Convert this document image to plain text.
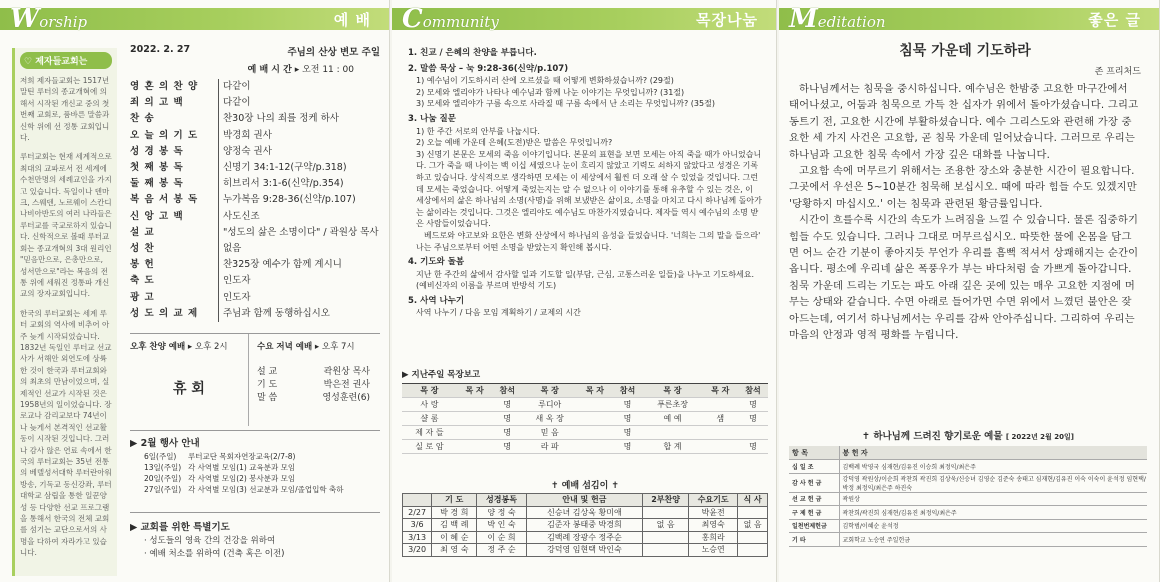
Worship	예 배
♡ 제자들교회는
저희 제자들교회는 1517년 말틴 루터의 종교개혁에 의해서 시작된 개신교 중의 첫 번째 교회로, 품바른 말씀과 신학 위에 선 정통 교회입니다.
루터교회는 현재 세계적으로 최대의 교파로서 전 세계에 수천만명의 세례교인을 가지고 있습니다. 독일이나 덴마크, 스웨덴, 노르웨이 스칸디나비아반도의 여러 나라들은 루터교를 국교로하지 있습니다. 신학적으로 볼때 루터교회는 종교개혁의 3대 원리인 "믿음만으로, 은총만으로, 성서만으로"라는 복음의 전통 위에 세워진 정통파 개신교의 장자교회입니다.
한국의 루터교회는 세계 루터 교회의 역사에 비추어 아주 늦게 시작되었습니다. 1832년 독일인 루터교 선교사가 서해안 외연도에 상륙한 것이 한국과 루터교회와의 최초의 만남이었으며, 실제적인 선교가 시작된 것은 1958년의 일이었습니다. 장로교나 감리교보다 74년이나 늦게서 본격적인 선교활동이 시작된 것입니다. 그러나 감사 않은 연료 속에서 한국의 루터교회는 35년 전통의 베델성서대학 루터란아워 방송, 기독교 동신강좌, 루터대학교 삼립을 통한 일꾼양성 등 다양한 선교 프로그램을 통해서 한국의 전체 교회를 섬기는 교단으로서의 사명을 다하여 자라가고 있습니다.
2022. 2. 27	주님의 산상 변모 주일
예 배 시 간 ▸ 오전 11 : 00
영 혼 의 찬 양	다같이
죄 의 고 백	다같이
찬 송	찬30장 나의 죄를 정케 하사
오 늘 의 기 도	박경희 권사
성 경 봉 독	양정숙 권사
첫 째 봉 독	신명기 34:1-12(구약/p.318)
둘 째 봉 독	히브리서 3:1-6(신약/p.354)
복 음 서 봉 독	누가복음 9:28-36(신약/p.107)
신 앙 고 백	사도신조
설 교	"성도의 삶은 소명이다" / 곽원상 목사
성 찬	없음
봉 헌	찬325장 예수가 함께 계시니
축 도	인도자
광 고	인도자
성 도 의 교 제	주님과 함께 동행하십시오
오후 찬양 예배 ▸ 오후 2시
휴 회
수요 저녁 예배 ▸ 오후 7시
설 교	곽원상 목사
기 도	박은전 권사
말 씀	영성훈련(6)
▶ 2월 행사 안내
6일(주일) 루터교단 목회자연장교육(2/7-8)
13일(주일) 각 사역별 모임(1) 교육분과 모임
20일(주일) 각 사역별 모임(2) 봉사분과 모임
27일(주일) 각 사역별 모임(3) 선교분과 모임/졸업입학 축하
▶ 교회를 위한 특별기도
· 성도들의 영육 간의 건강을 위하여
· 예배 처소를 위하여 (건축 혹은 이전)
Community	목장나눔
1. 친교 / 은혜의 찬양을 부릅니다.
2. 말씀 묵상 – 눅 9:28-36(신약/p.107)
1) 예수님이 기도하시러 산에 오르셨을 때 어떻게 변화하셨습니까? (29절)
2) 모세와 엘리야가 나타나 예수님과 함께 나눈 이야기는 무엇입니까? (31절)
3) 모세와 엘리야가 구름 속으로 사라질 때 구름 속에서 난 소리는 무엇입니까? (35절)
3. 나눔 질문
1) 한 주간 서로의 안부를 나눕시다.
2) 오늘 예배 가운데 은혜(도전)받은 말씀은 무엇입니까?
3) 신명기 본문은 모세의 죽음 이야기입니다. 본문의 표현을 보면 모세는 아직 죽을 때가 아니었습니다. 그가 죽을 때 나이는 백 이십 세였으나 눈이 흐리지 않았고 기력도 쇠하지 않았다고 성경은 기록하고 있습니다. 상식적으로 생각하면 모세는 이 세상에서 훨씬 더 오래 살 수 있었을 것입니다. 그런데 모세는 죽었습니다. 어떻게 죽었는지는 알 수 없으나 이 이야기를 통해 유추할 수 있는 것은, 이 세상에서의 삶은 하나님의 소명(사명)을 위해 보냈받은 삶이요, 소명을 마치고 다시 하나님께 돌아가는 삶이라는 것입니다. 그것은 엘리야도 예수님도 마찬가지였습니다. 제자들 역시 예수님의 소명 받은 사람들이었습니다.
베드로와 야고보와 요한은 변화 산상에서 하나님의 음성을 들었습니다. '너희는 그의 말을 들으라' 나는 주님으로부터 어떤 소명을 받았는지 확인해 봅시다.
4. 기도와 돌봄
지난 한 주간의 삶에서 감사할 일과 기도할 일(부담, 근심, 고통스러운 일들)을 나누고 기도하세요. (예비신자의 이름을 부르며 반방석 기도)
5. 사역 나누기
사역 나누기 / 다음 모임 계획하기 / 교제의 시간
▶ 지난주일 목장보고
목 장	목 자	참석	목 장	목 자	참석	목 장	목 자	참석
사 랑		명	루디아		명	푸른초장		명
샬 롬		명	새 옥 장		명	예 예	샘	명
제 자 들		명	믿 음		명			
실 로 암		명	라 파		명	합 계		명
✝ 예배 섬김이 ✝
	기 도	성경봉독	안내 및 헌금	2부찬양	수요기도	식 사
2/27	박 경 희	양 정 숙	신승녀 김상욱 황미애		박윤전	
3/6	김 백 례	박 인 숙	김준자 봉태중 박경희	없 음	최영숙	없 음
3/13	이 혜 순	이 순 희	김백례 장광수 정주순		홍희라	
3/20	최 영 숙	정 주 순	강덕영 임현택 박인숙		노승연	
Meditation	좋은 글
침묵 가운데 기도하라
존 프리처드

하나님께서는 침묵을 중시하십니다. 예수님은 한밤중 고요한 마구간에서 태어나셨고, 어둠과 침묵으로 가득 찬 십자가 위에서 돌아가셨습니다. 그리고 동트기 전, 고요한 시간에 부활하셨습니다. 예수 그리스도와 관련해 가장 중요한 세 가지 사건은 고요함, 곧 침묵 가운데 일어났습니다. 그러므로 우리는 하나님과 고요한 침묵 속에서 가장 깊은 대화를 나눕니다.

고요함 속에 머무르기 위해서는 조용한 장소와 충분한 시간이 필요합니다. 그곳에서 우선은 5~10분간 침묵해 보십시오. 때에 따라 힘들 수도 있겠지만 '당황하지 마십시오.' 이는 침묵과 관련된 황금률입니다.

시간이 흐를수록 시간의 속도가 느려짐을 느낄 수 있습니다. 물론 집중하기 힘들 수도 있습니다. 그러나 그대로 머무르십시오. 따뜻한 물에 온몸을 담그면 어느 순간 기분이 좋아지듯 무언가 우리를 흠뻑 적셔서 상쾌해지는 순간이 옵니다. 평소에 우리네 삶은 폭풍우가 부는 바다처럼 술 가쁘게 돌아갑니다. 침묵 가운데 드리는 기도는 파도 아래 깊은 곳에 있는 매우 고요한 지점에 머무는 상태와 같습니다. 수면 아래로 들어가면 수면 위에서 느꼈던 불안은 잦아드는데, 여기서 하나님께서는 우리를 감싸 안아주십니다. 그리하여 우리는 마음의 안정과 영적 평화를 누립니다.

✝ 하나님께 드려진 향기로운 예물 [ 2022년 2월 20일]
항 목	봉 헌 자
십 일 조	김백례 박영국 심재현/김유진 이승희 최정익/최은주
감 사 헌 금	강덕영 곽원상/이순희 곽찬희 곽진희 김상욱/신승녀 김영순 김준숙 송태고 심재현/김유진 이숙 이숙이 윤석정 임현택/박정 최정익/최은주 하진숙
선 교 헌 금	곽원상
구 제 헌 금	곽찬희/곽진희 심재현/김유진 최정익/최은주
일천번제헌금	김학범/이혜순 윤석정
기 타	교회학교 노승연 주일헌금
